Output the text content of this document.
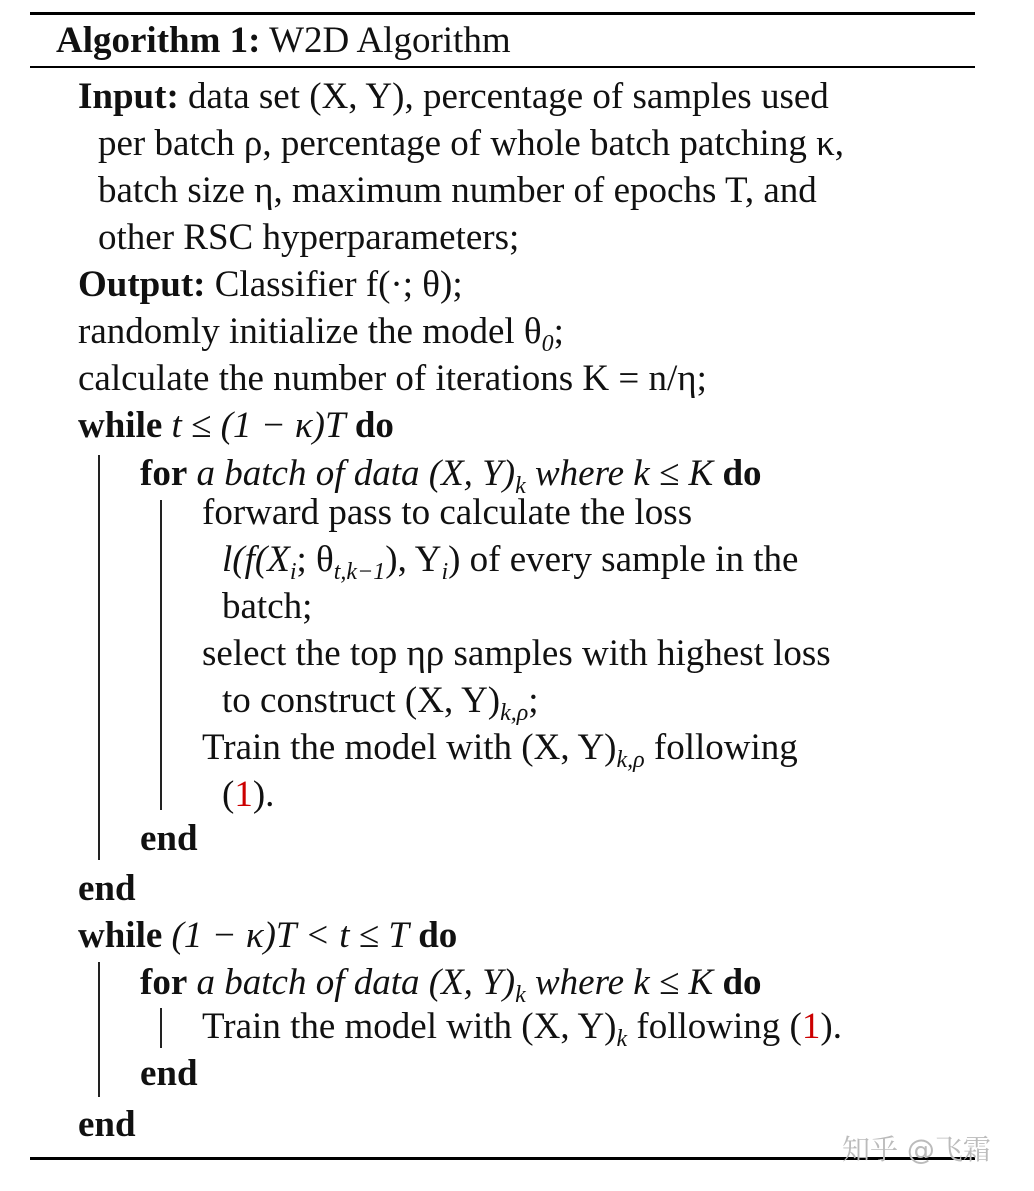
Algorithm 1: W2D Algorithm
Input: data set (X, Y), percentage of samples used
per batch ρ, percentage of whole batch patching κ,
batch size η, maximum number of epochs T, and
other RSC hyperparameters;
Output: Classifier f(·; θ);
randomly initialize the model $\theta_0$;
calculate the number of iterations K = n/η;
while t ≤ (1 − κ)T do
for a batch of data (X, $Y)_k$ where k ≤ K do
forward pass to calculate the loss
$l(f(X_i$; $\theta_{t,k-1}$), $Y_i$) of every sample in the
batch;
select the top ηρ samples with highest loss
to construct (X, $Y)_{k,\rho}$;
Train the model with (X, $Y)_{k,\rho}$ following
(1).
end
end
while (1 − κ)T < t ≤ T do
for a batch of data (X, $Y)_k$ where k ≤ K do
Train the model with (X, $Y)_k$ following (1).
end
end
知乎 @飞霜
